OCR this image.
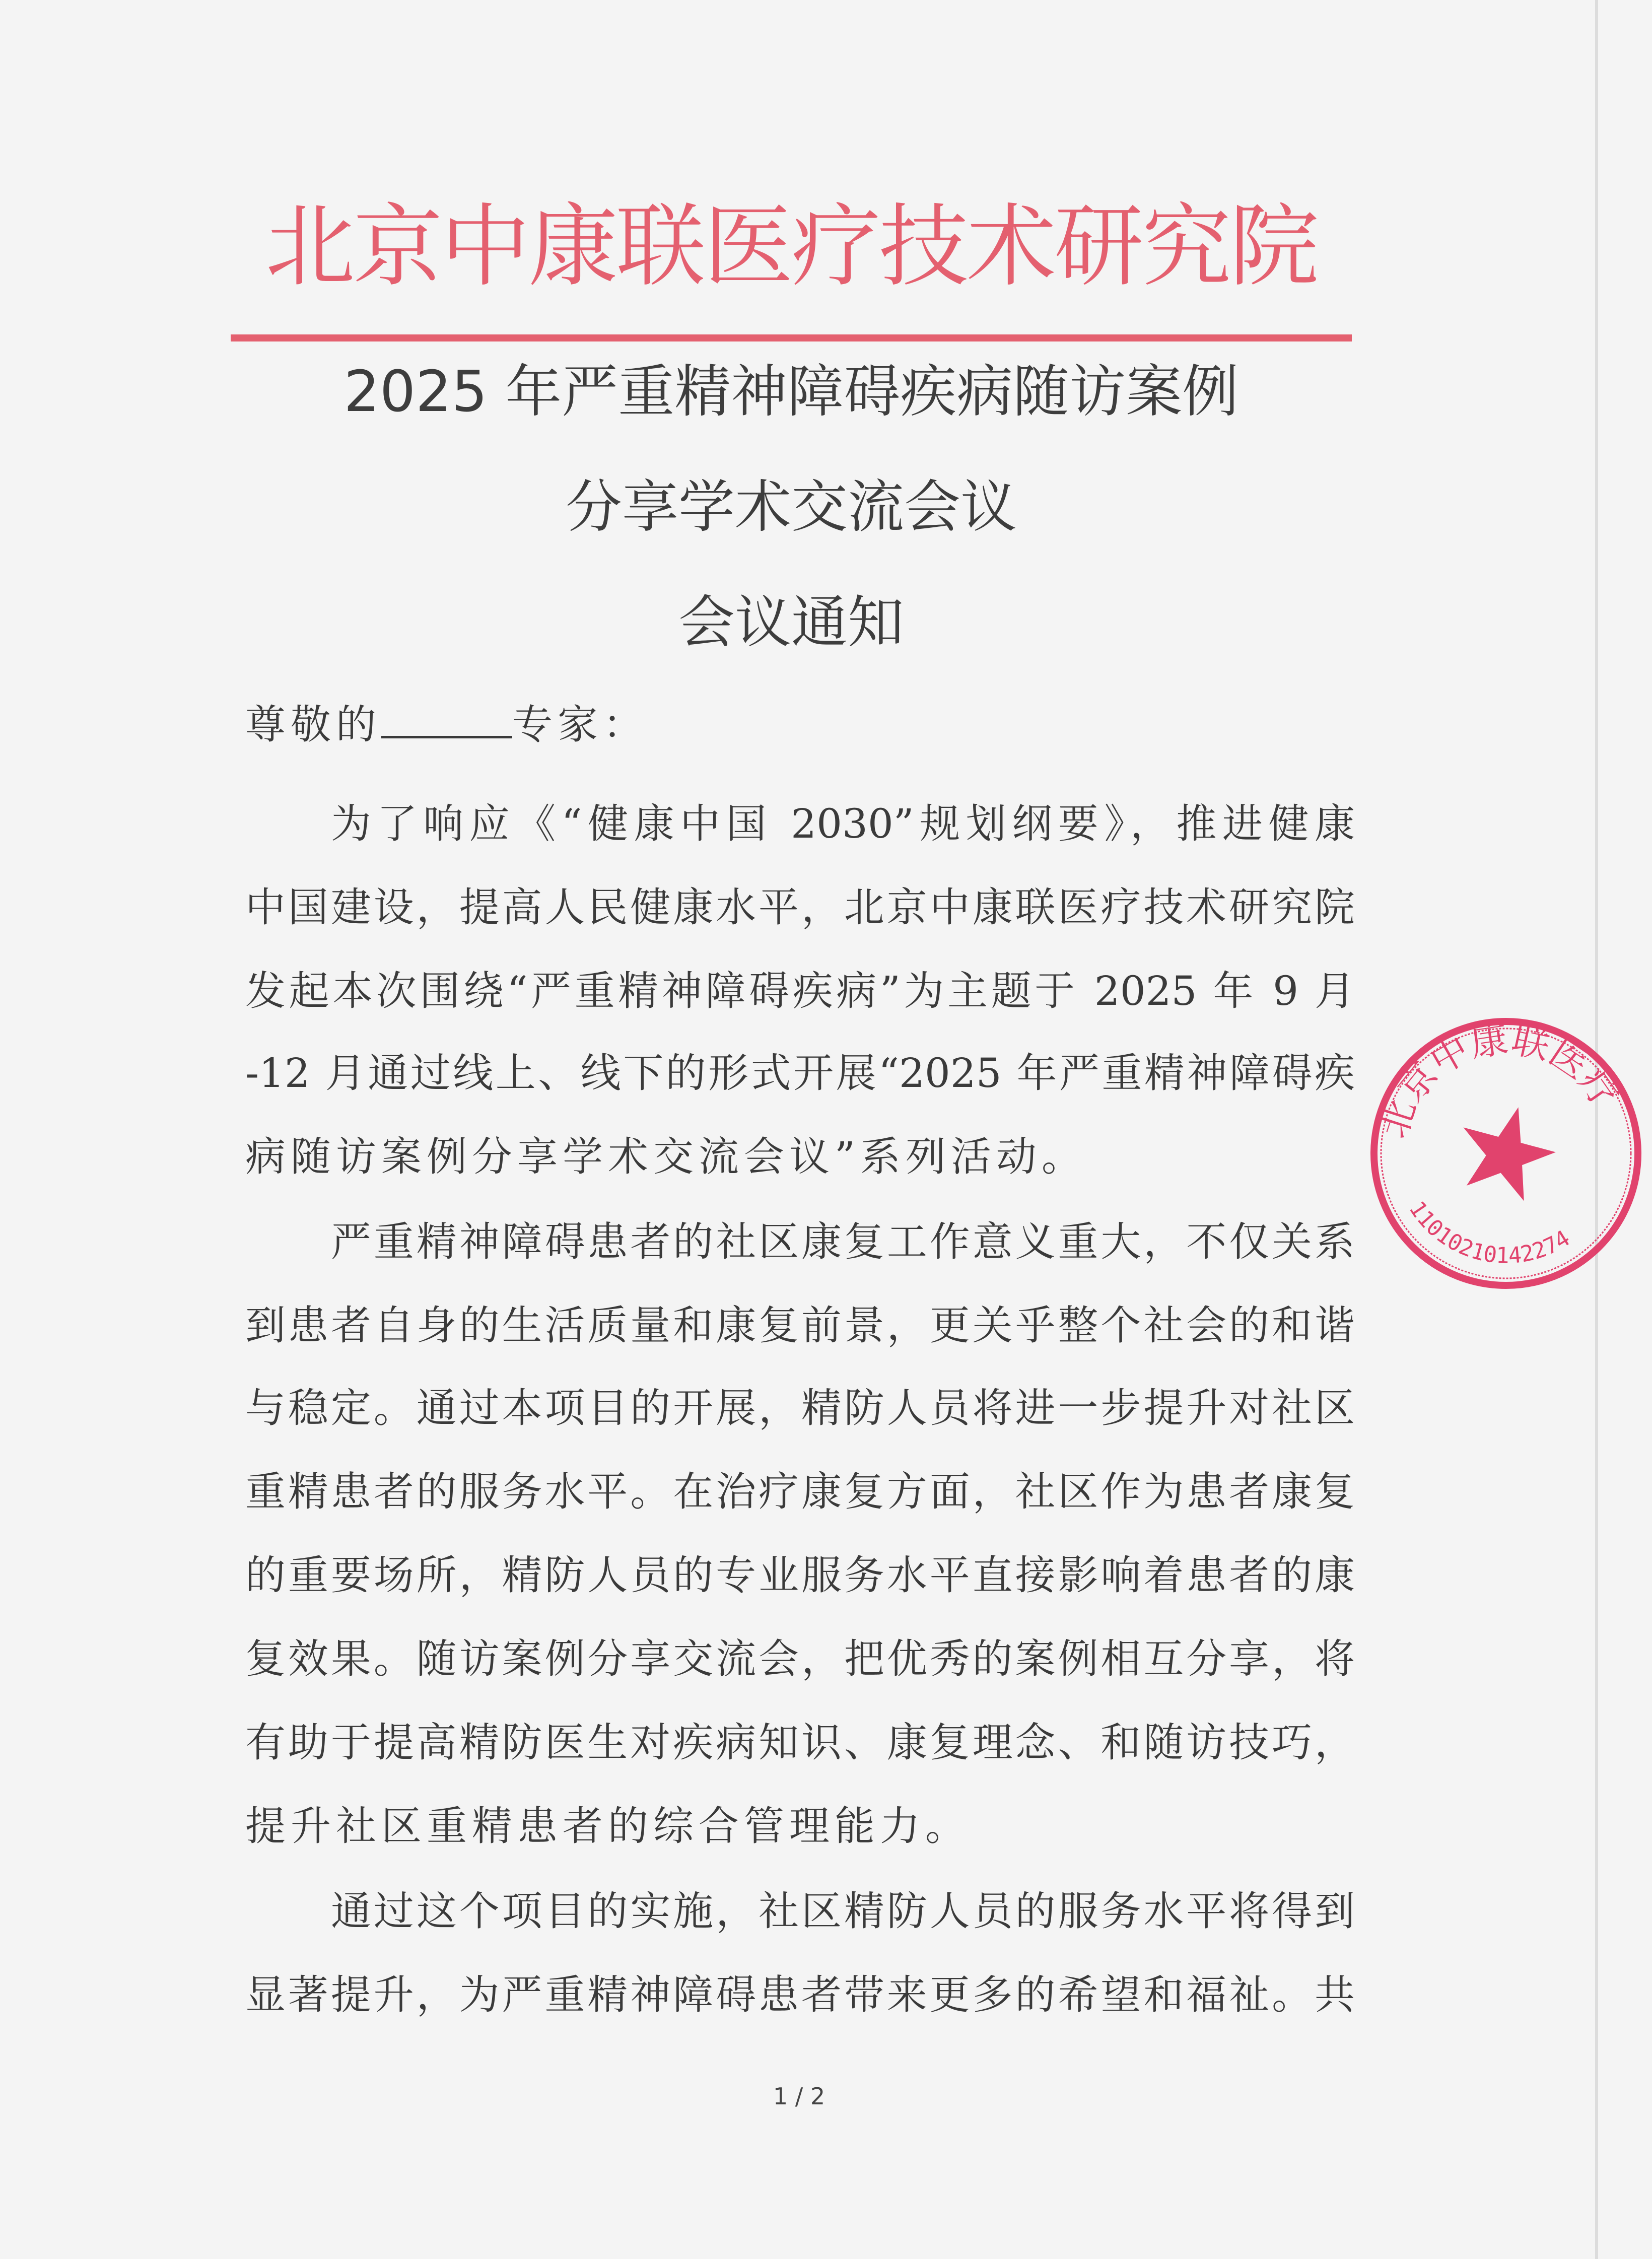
北京中康联医疗技术研究院
2025 年严重精神障碍疾病随访案例
分享学术交流会议
会议通知
尊敬的	专家：
为了响应《“健康中国 2030”规划纲要》，推进健康
中国建设，提高人民健康水平，北京中康联医疗技术研究院
发起本次围绕“严重精神障碍疾病”为主题于 2025 年 9 月
-12 月通过线上、线下的形式开展“2025 年严重精神障碍疾
病随访案例分享学术交流会议”系列活动。
严重精神障碍患者的社区康复工作意义重大，不仅关系
到患者自身的生活质量和康复前景，更关乎整个社会的和谐
与稳定。通过本项目的开展，精防人员将进一步提升对社区
重精患者的服务水平。在治疗康复方面，社区作为患者康复
的重要场所，精防人员的专业服务水平直接影响着患者的康
复效果。随访案例分享交流会，把优秀的案例相互分享，将
有助于提高精防医生对疾病知识、康复理念、和随访技巧，
提升社区重精患者的综合管理能力。
通过这个项目的实施，社区精防人员的服务水平将得到
显著提升，为严重精神障碍患者带来更多的希望和福祉。共
1 / 2
北京中康联医疗
11010210142274
